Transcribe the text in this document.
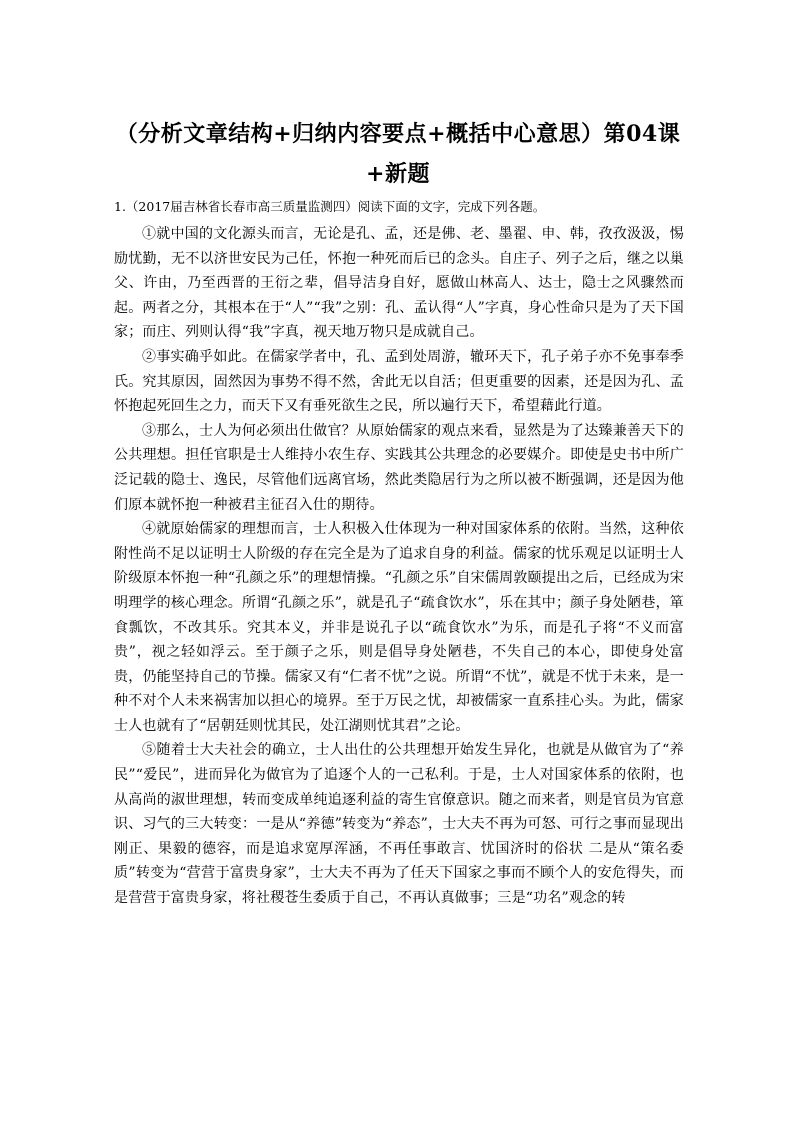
（分析文章结构+归纳内容要点+概括中心意思）第04课+新题
1.（2017届吉林省长春市高三质量监测四）阅读下面的文字，完成下列各题。

①就中国的文化源头而言，无论是孔、孟，还是佛、老、墨翟、申、韩，孜孜汲汲，惕励忧勤，无不以济世安民为己任，怀抱一种死而后已的念头。自庄子、列子之后，继之以巢父、许由，乃至西晋的王衍之辈，倡导洁身自好，愿做山林高人、达士，隐士之风骤然而起。两者之分，其根本在于“人”“我”之别：孔、孟认得“人”字真，身心性命只是为了天下国家；而庄、列则认得“我”字真，视天地万物只是成就自己。

②事实确乎如此。在儒家学者中，孔、孟到处周游，辙环天下，孔子弟子亦不免事奉季氏。究其原因，固然因为事势不得不然，舍此无以自活；但更重要的因素，还是因为孔、孟怀抱起死回生之力，而天下又有垂死欲生之民，所以遍行天下，希望藉此行道。

③那么，士人为何必须出仕做官？从原始儒家的观点来看，显然是为了达臻兼善天下的公共理想。担任官职是士人维持小农生存、实践其公共理念的必要媒介。即使是史书中所广泛记载的隐士、逸民，尽管他们远离官场，然此类隐居行为之所以被不断强调，还是因为他们原本就怀抱一种被君主征召入仕的期待。

④就原始儒家的理想而言，士人积极入仕体现为一种对国家体系的依附。当然，这种依附性尚不足以证明士人阶级的存在完全是为了追求自身的利益。儒家的忧乐观足以证明士人阶级原本怀抱一种“孔颜之乐”的理想情操。“孔颜之乐”自宋儒周敦颐提出之后，已经成为宋明理学的核心理念。所谓“孔颜之乐”，就是孔子“疏食饮水”，乐在其中；颜子身处陋巷，箪食瓢饮，不改其乐。究其本义，并非是说孔子以“疏食饮水”为乐，而是孔子将“不义而富贵”，视之轻如浮云。至于颜子之乐，则是倡导身处陋巷，不失自己的本心，即使身处富贵，仍能坚持自己的节操。儒家又有“仁者不忧”之说。所谓“不忧”，就是不忧于未来，是一种不对个人未来祸害加以担心的境界。至于万民之忧，却被儒家一直系挂心头。为此，儒家士人也就有了“居朝廷则忧其民，处江湖则忧其君”之论。

⑤随着士大夫社会的确立，士人出仕的公共理想开始发生异化，也就是从做官为了“养民”“爱民”，进而异化为做官为了追逐个人的一己私利。于是，士人对国家体系的依附，也从高尚的淑世理想，转而变成单纯追逐利益的寄生官僚意识。随之而来者，则是官员为官意识、习气的三大转变：一是从“养德”转变为“养态”，士大夫不再为可怒、可行之事而显现出刚正、果毅的德容，而是追求宽厚浑涵，不再任事敢言、忧国济时的俗状 二是从“策名委质”转变为“营营于富贵身家”，士大夫不再为了任天下国家之事而不顾个人的安危得失，而是营营于富贵身家，将社稷苍生委质于自己，不再认真做事；三是“功名”观念的转
